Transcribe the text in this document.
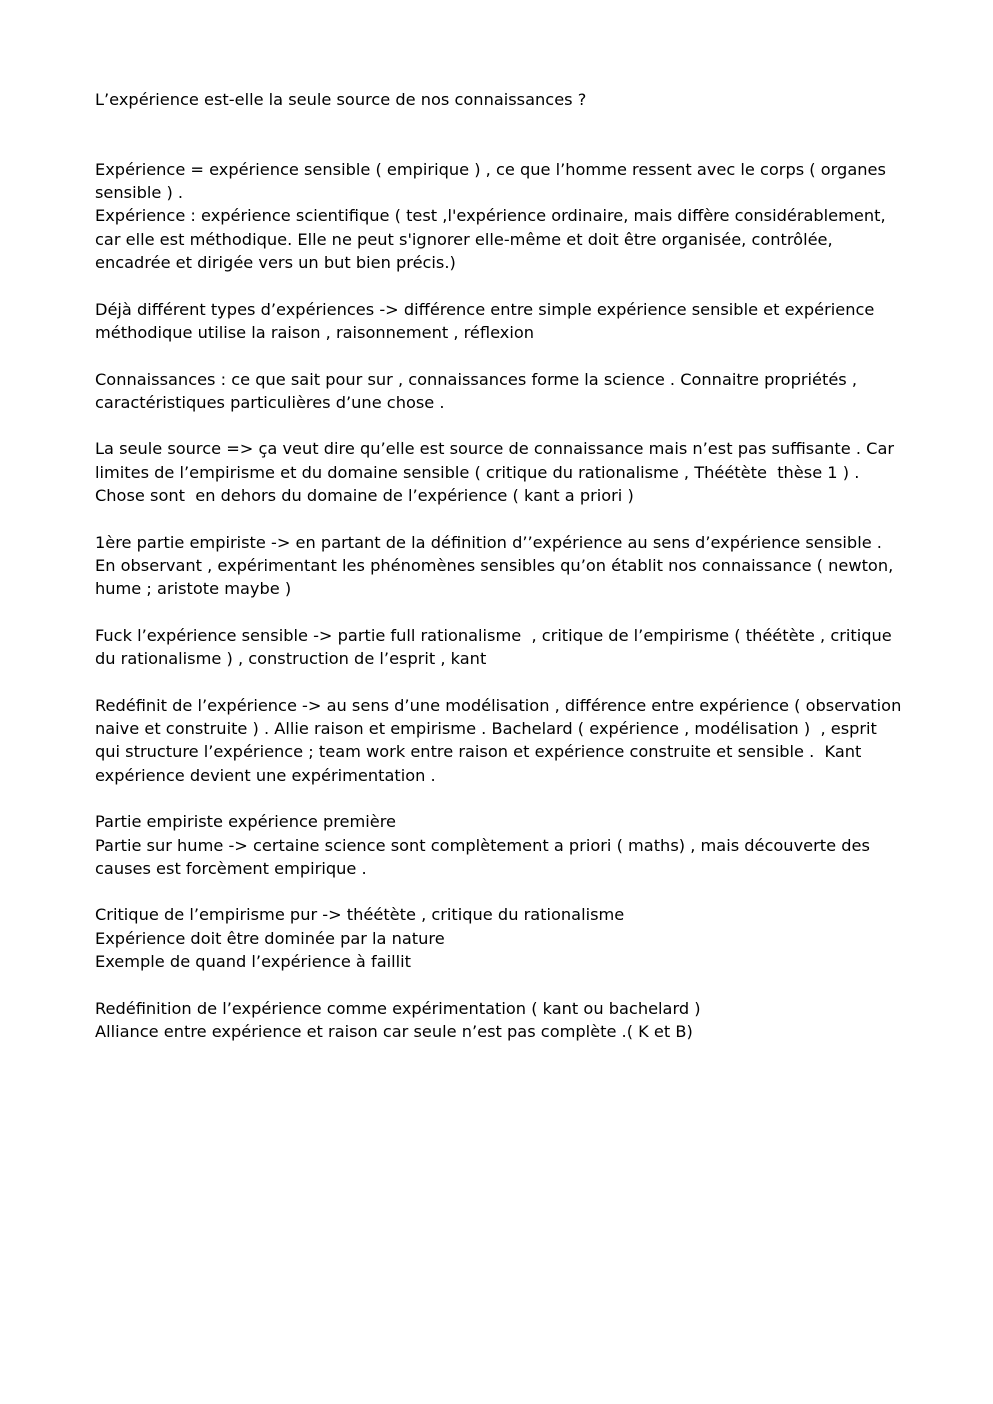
L’expérience est-elle la seule source de nos connaissances ?

Expérience = expérience sensible ( empirique ) , ce que l’homme ressent avec le corps ( organes sensible ) .

Expérience : expérience scientifique ( test ,l'expérience ordinaire, mais diffère considérablement, car elle est méthodique. Elle ne peut s'ignorer elle-même et doit être organisée, contrôlée, encadrée et dirigée vers un but bien précis.)

Déjà différent types d’expériences -> différence entre simple expérience sensible et expérience méthodique utilise la raison , raisonnement , réflexion

Connaissances : ce que sait pour sur , connaissances forme la science . Connaitre propriétés , caractéristiques particulières d’une chose .

La seule source => ça veut dire qu’elle est source de connaissance mais n’est pas suffisante . Car limites de l’empirisme et du domaine sensible ( critique du rationalisme , Théétète  thèse 1 ) . Chose sont  en dehors du domaine de l’expérience ( kant a priori )

1ère partie empiriste -> en partant de la définition d’’expérience au sens d’expérience sensible . En observant , expérimentant les phénomènes sensibles qu’on établit nos connaissance ( newton, hume ; aristote maybe )

Fuck l’expérience sensible -> partie full rationalisme  , critique de l’empirisme ( théétète , critique du rationalisme ) , construction de l’esprit , kant

Redéfinit de l’expérience -> au sens d’une modélisation , différence entre expérience ( observation naive et construite ) . Allie raison et empirisme . Bachelard ( expérience , modélisation )  , esprit qui structure l’expérience ; team work entre raison et expérience construite et sensible .  Kant expérience devient une expérimentation .

Partie empiriste expérience première

Partie sur hume -> certaine science sont complètement a priori ( maths) , mais découverte des causes est forcèment empirique .

Critique de l’empirisme pur -> théétète , critique du rationalisme

Expérience doit être dominée par la nature

Exemple de quand l’expérience à faillit

Redéfinition de l’expérience comme expérimentation ( kant ou bachelard )

Alliance entre expérience et raison car seule n’est pas complète .( K et B)
